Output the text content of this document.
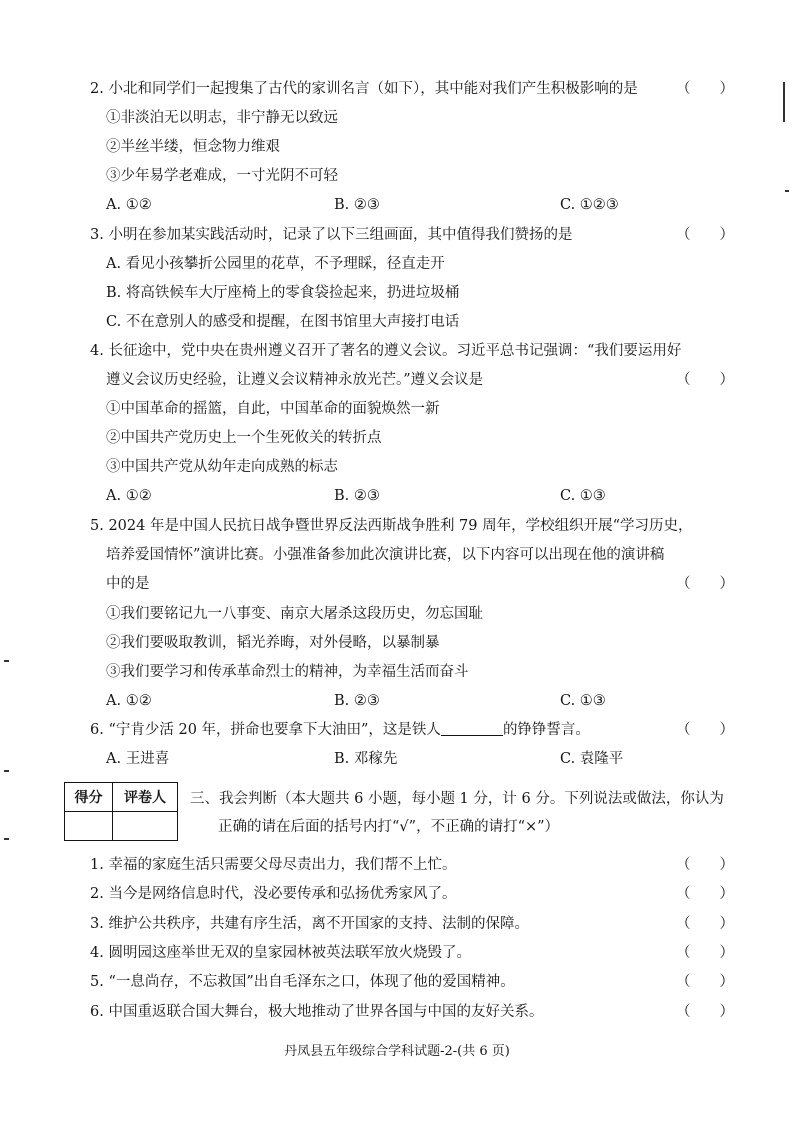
2. 小北和同学们一起搜集了古代的家训名言（如下），其中能对我们产生积极影响的是	（　　）
①非淡泊无以明志，非宁静无以致远
②半丝半缕，恒念物力维艰
③少年易学老难成，一寸光阴不可轻
A. ①②	B. ②③	C. ①②③
3. 小明在参加某实践活动时，记录了以下三组画面，其中值得我们赞扬的是	（　　）
A. 看见小孩攀折公园里的花草，不予理睬，径直走开
B. 将高铁候车大厅座椅上的零食袋捡起来，扔进垃圾桶
C. 不在意别人的感受和提醒，在图书馆里大声接打电话
4. 长征途中，党中央在贵州遵义召开了著名的遵义会议。习近平总书记强调：“我们要运用好
遵义会议历史经验，让遵义会议精神永放光芒。”遵义会议是	（　　）
①中国革命的摇篮，自此，中国革命的面貌焕然一新
②中国共产党历史上一个生死攸关的转折点
③中国共产党从幼年走向成熟的标志
A. ①②	B. ②③	C. ①③
5. 2024 年是中国人民抗日战争暨世界反法西斯战争胜利 79 周年，学校组织开展“学习历史，
培养爱国情怀”演讲比赛。小强准备参加此次演讲比赛，以下内容可以出现在他的演讲稿
中的是	（　　）
①我们要铭记九一八事变、南京大屠杀这段历史，勿忘国耻
②我们要吸取教训，韬光养晦，对外侵略，以暴制暴
③我们要学习和传承革命烈士的精神，为幸福生活而奋斗
A. ①②	B. ②③	C. ①③
6. “宁肯少活 20 年，拼命也要拿下大油田”，这是铁人	的铮铮誓言。	（　　）
A. 王进喜	B. 邓稼先	C. 袁隆平
得分	评卷人
	三、我会判断（本大题共 6 小题，每小题 1 分，计 6 分。下列说法或做法，你认为
正确的请在后面的括号内打“√”，不正确的请打“×”）
1. 幸福的家庭生活只需要父母尽责出力，我们帮不上忙。	（　　）
2. 当今是网络信息时代，没必要传承和弘扬优秀家风了。	（　　）
3. 维护公共秩序，共建有序生活，离不开国家的支持、法制的保障。	（　　）
4. 圆明园这座举世无双的皇家园林被英法联军放火烧毁了。	（　　）
5. “一息尚存，不忘救国”出自毛泽东之口，体现了他的爱国精神。	（　　）
6. 中国重返联合国大舞台，极大地推动了世界各国与中国的友好关系。	（　　）
丹凤县五年级综合学科试题-2-(共 6 页)
